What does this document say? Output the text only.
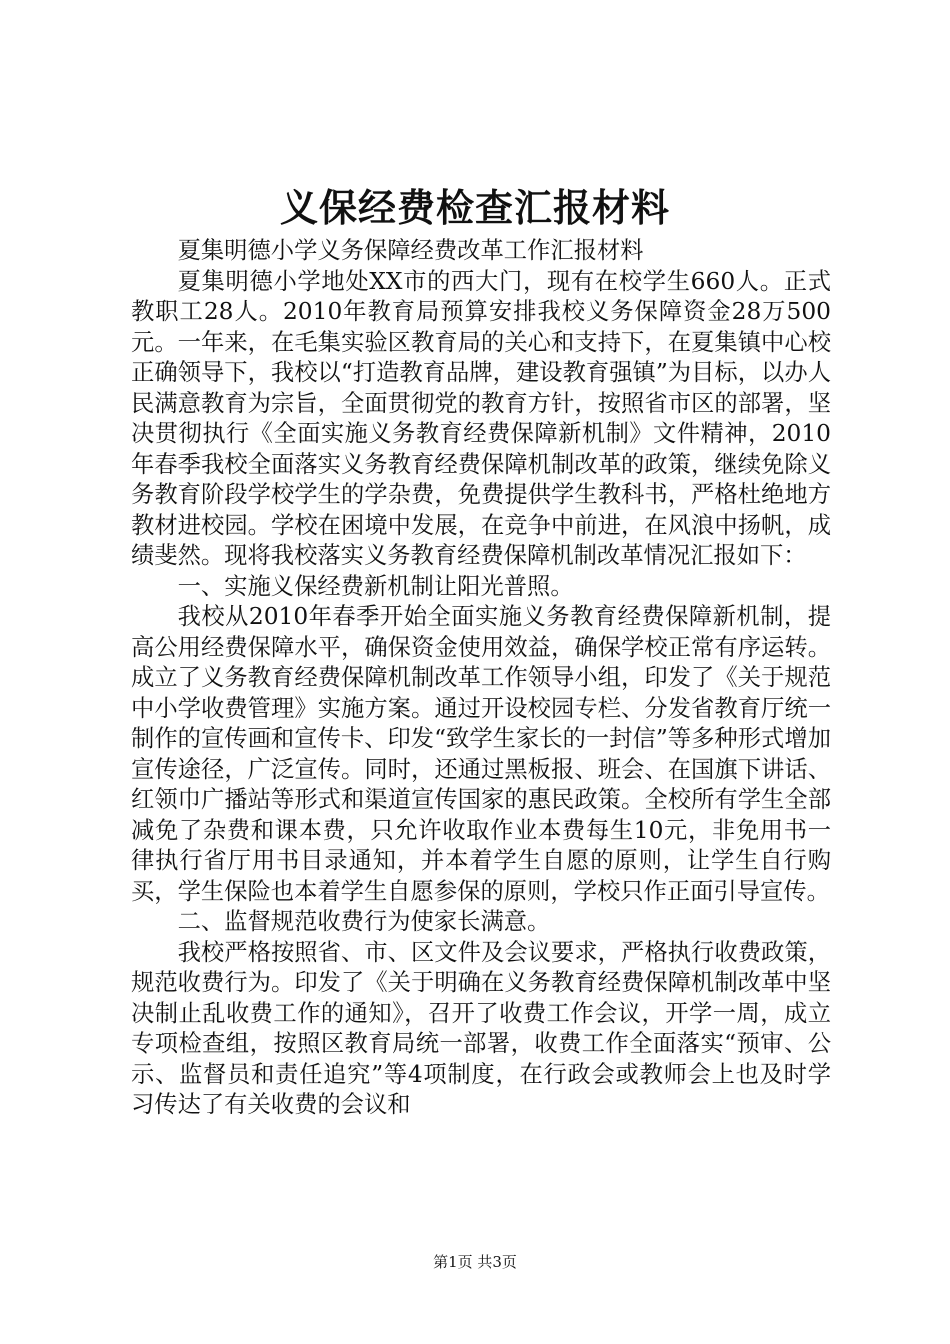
义保经费检查汇报材料

夏集明德小学义务保障经费改革工作汇报材料

夏集明德小学地处XX市的西大门，现有在校学生660人。正式教职工28人。2010年教育局预算安排我校义务保障资金28万500元。一年来，在毛集实验区教育局的关心和支持下，在夏集镇中心校正确领导下，我校以“打造教育品牌，建设教育强镇”为目标，以办人民满意教育为宗旨，全面贯彻党的教育方针，按照省市区的部署，坚决贯彻执行《全面实施义务教育经费保障新机制》文件精神，2010年春季我校全面落实义务教育经费保障机制改革的政策，继续免除义务教育阶段学校学生的学杂费，免费提供学生教科书，严格杜绝地方教材进校园。学校在困境中发展，在竞争中前进，在风浪中扬帆，成绩斐然。现将我校落实义务教育经费保障机制改革情况汇报如下：

一、实施义保经费新机制让阳光普照。

我校从2010年春季开始全面实施义务教育经费保障新机制，提高公用经费保障水平，确保资金使用效益，确保学校正常有序运转。成立了义务教育经费保障机制改革工作领导小组，印发了《关于规范中小学收费管理》实施方案。通过开设校园专栏、分发省教育厅统一制作的宣传画和宣传卡、印发“致学生家长的一封信”等多种形式增加宣传途径，广泛宣传。同时，还通过黑板报、班会、在国旗下讲话、红领巾广播站等形式和渠道宣传国家的惠民政策。全校所有学生全部减免了杂费和课本费，只允许收取作业本费每生10元，非免用书一律执行省厅用书目录通知，并本着学生自愿的原则，让学生自行购买，学生保险也本着学生自愿参保的原则，学校只作正面引导宣传。

二、监督规范收费行为使家长满意。

我校严格按照省、市、区文件及会议要求，严格执行收费政策，规范收费行为。印发了《关于明确在义务教育经费保障机制改革中坚决制止乱收费工作的通知》，召开了收费工作会议，开学一周，成立专项检查组，按照区教育局统一部署，收费工作全面落实“预审、公示、监督员和责任追究”等4项制度，在行政会或教师会上也及时学习传达了有关收费的会议和

第1页 共3页
